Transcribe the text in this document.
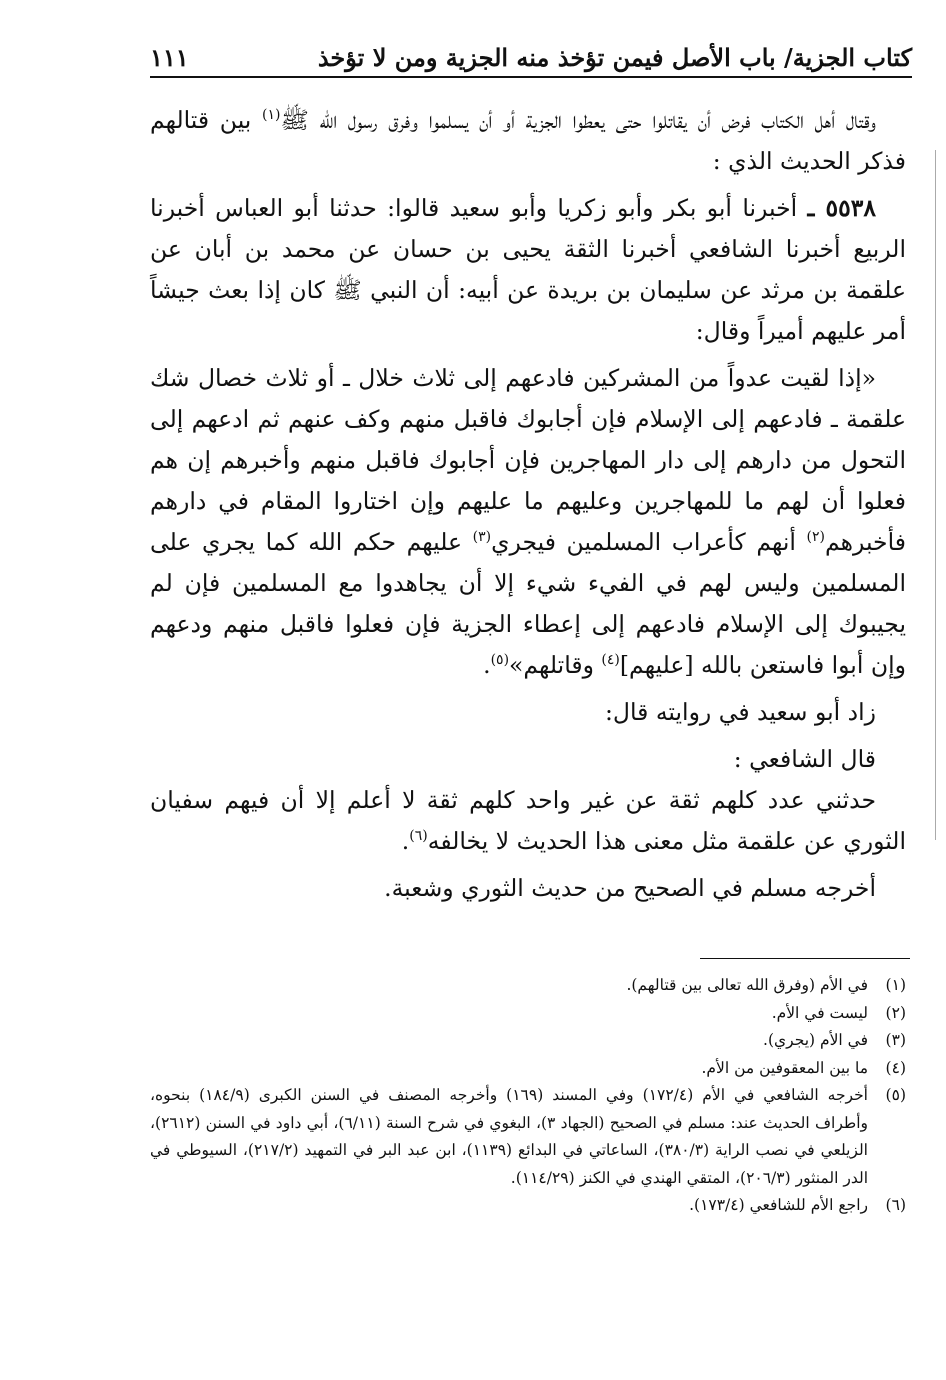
كتاب الجزية/ باب الأصل فيمن تؤخذ منه الجزية ومن لا تؤخذ
١١١

وقتال أهل الكتاب فرض أن يقاتلوا حتى يعطوا الجزية أو أن يسلموا وفرق رسول الله ﷺ$^{(١)}$ بين قتالهم فذكر الحديث الذي :

٥٥٣٨ ـ أخبرنا أبو بكر وأبو زكريا وأبو سعيد قالوا: حدثنا أبو العباس أخبرنا الربيع أخبرنا الشافعي أخبرنا الثقة يحيى بن حسان عن محمد بن أبان عن علقمة بن مرثد عن سليمان بن بريدة عن أبيه: أن النبي ﷺ كان إذا بعث جيشاً أمر عليهم أميراً وقال:

«إذا لقيت عدواً من المشركين فادعهم إلى ثلاث خلال ـ أو ثلاث خصال شك علقمة ـ فادعهم إلى الإسلام فإن أجابوك فاقبل منهم وكف عنهم ثم ادعهم إلى التحول من دارهم إلى دار المهاجرين فإن أجابوك فاقبل منهم وأخبرهم إن هم فعلوا أن لهم ما للمهاجرين وعليهم ما عليهم وإن اختاروا المقام في دارهم فأخبرهم$^{(٢)}$ أنهم كأعراب المسلمين فيجري$^{(٣)}$ عليهم حكم الله كما يجري على المسلمين وليس لهم في الفيء شيء إلا أن يجاهدوا مع المسلمين فإن لم يجيبوك إلى الإسلام فادعهم إلى إعطاء الجزية فإن فعلوا فاقبل منهم ودعهم وإن أبوا فاستعن بالله [عليهم]$^{(٤)}$ وقاتلهم»$^{(٥)}$.

زاد أبو سعيد في روايته قال:

قال الشافعي :

حدثني عدد كلهم ثقة عن غير واحد كلهم ثقة لا أعلم إلا أن فيهم سفيان الثوري عن علقمة مثل معنى هذا الحديث لا يخالفه$^{(٦)}$.

أخرجه مسلم في الصحيح من حديث الثوري وشعبة.

(١)
في الأم (وفرق الله تعالى بين قتالهم).
(٢)
ليست في الأم.
(٣)
في الأم (يجري).
(٤)
ما بين المعقوفين من الأم.
(٥)
أخرجه الشافعي في الأم (١٧٢/٤) وفي المسند (١٦٩) وأخرجه المصنف في السنن الكبرى (١٨٤/٩) بنحوه، وأطراف الحديث عند: مسلم في الصحيح (الجهاد ٣)، البغوي في شرح السنة (٦/١١)، أبي داود في السنن (٢٦١٢)، الزيلعي في نصب الراية (٣٨٠/٣)، الساعاتي في البدائع (١١٣٩)، ابن عبد البر في التمهيد (٢١٧/٢)، السيوطي في الدر المنثور (٢٠٦/٣)، المتقي الهندي في الكنز (١١٤/٢٩).
(٦)
راجع الأم للشافعي (١٧٣/٤).
